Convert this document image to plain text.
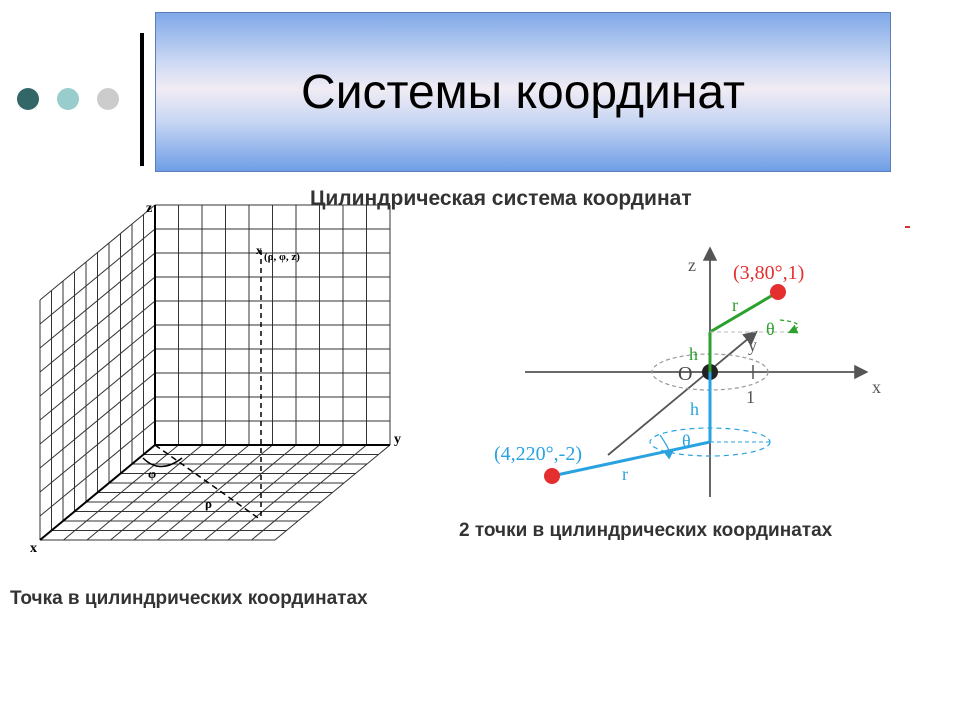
Системы координат
Цилиндрическая система координат
z
y
x
x (ρ, φ, z)
φ
ρ
z
x
y
O
1
(3,80°,1)
r
θ
h
(4,220°,-2)
r
θ
h
2 точки в цилиндрических координатах
Точка в цилиндрических координатах
